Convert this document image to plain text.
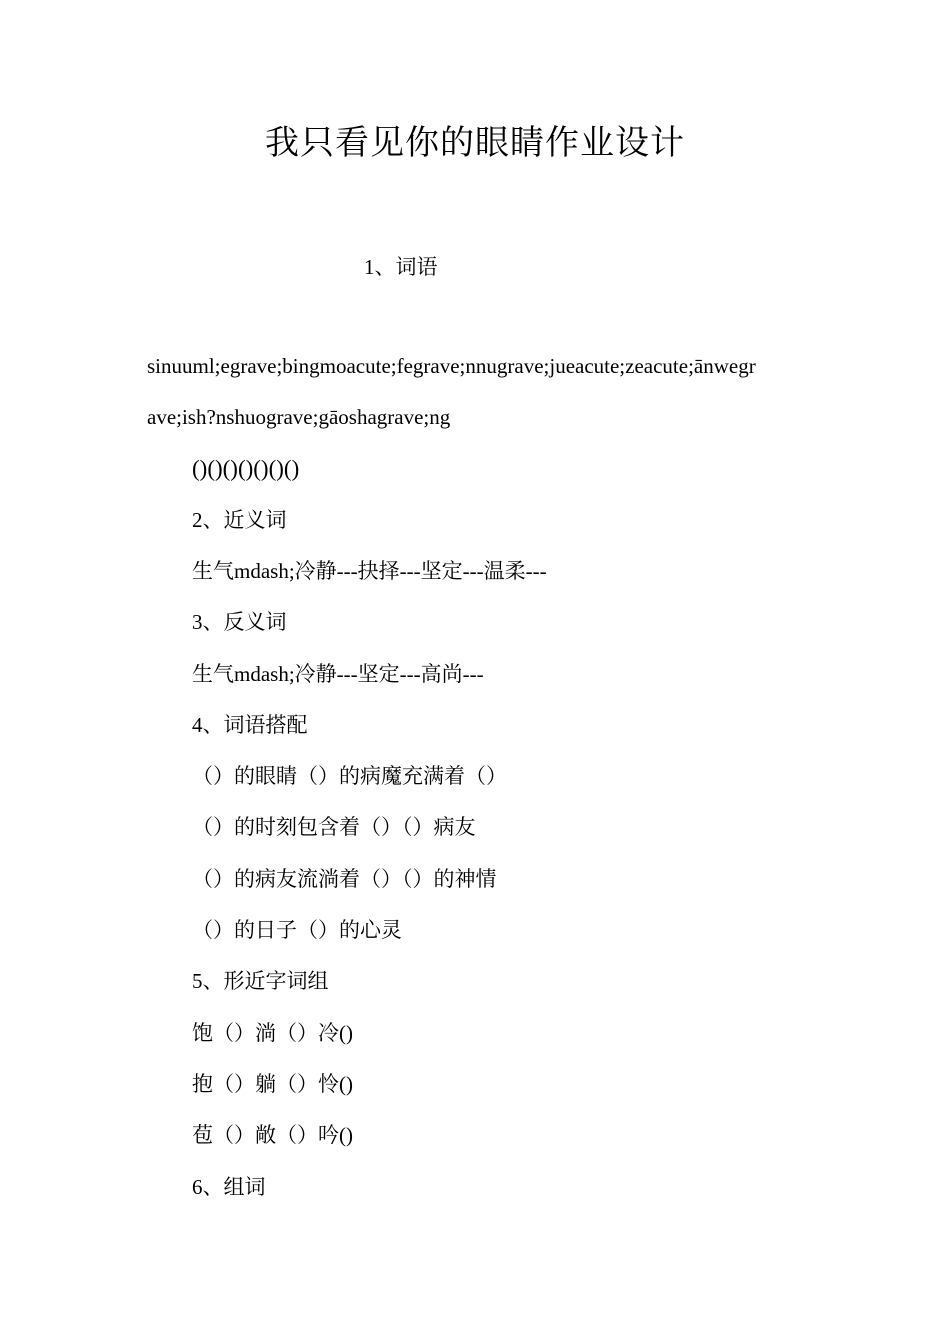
我只看见你的眼睛作业设计
1、词语
sinuuml;egrave;bingmoacute;fegrave;nnugrave;jueacute;zeacute;ānwegr
ave;ish?nshuograve;gāoshagrave;ng
()()()()()()()
2、近义词
生气mdash;冷静---抉择---坚定---温柔---
3、反义词
生气mdash;冷静---坚定---高尚---
4、词语搭配
（）的眼睛（）的病魔充满着（）
（）的时刻包含着（）（）病友
（）的病友流淌着（）（）的神情
（）的日子（）的心灵
5、形近字词组
饱（）淌（）冷()
抱（）躺（）怜()
苞（）敞（）吟()
6、组词
